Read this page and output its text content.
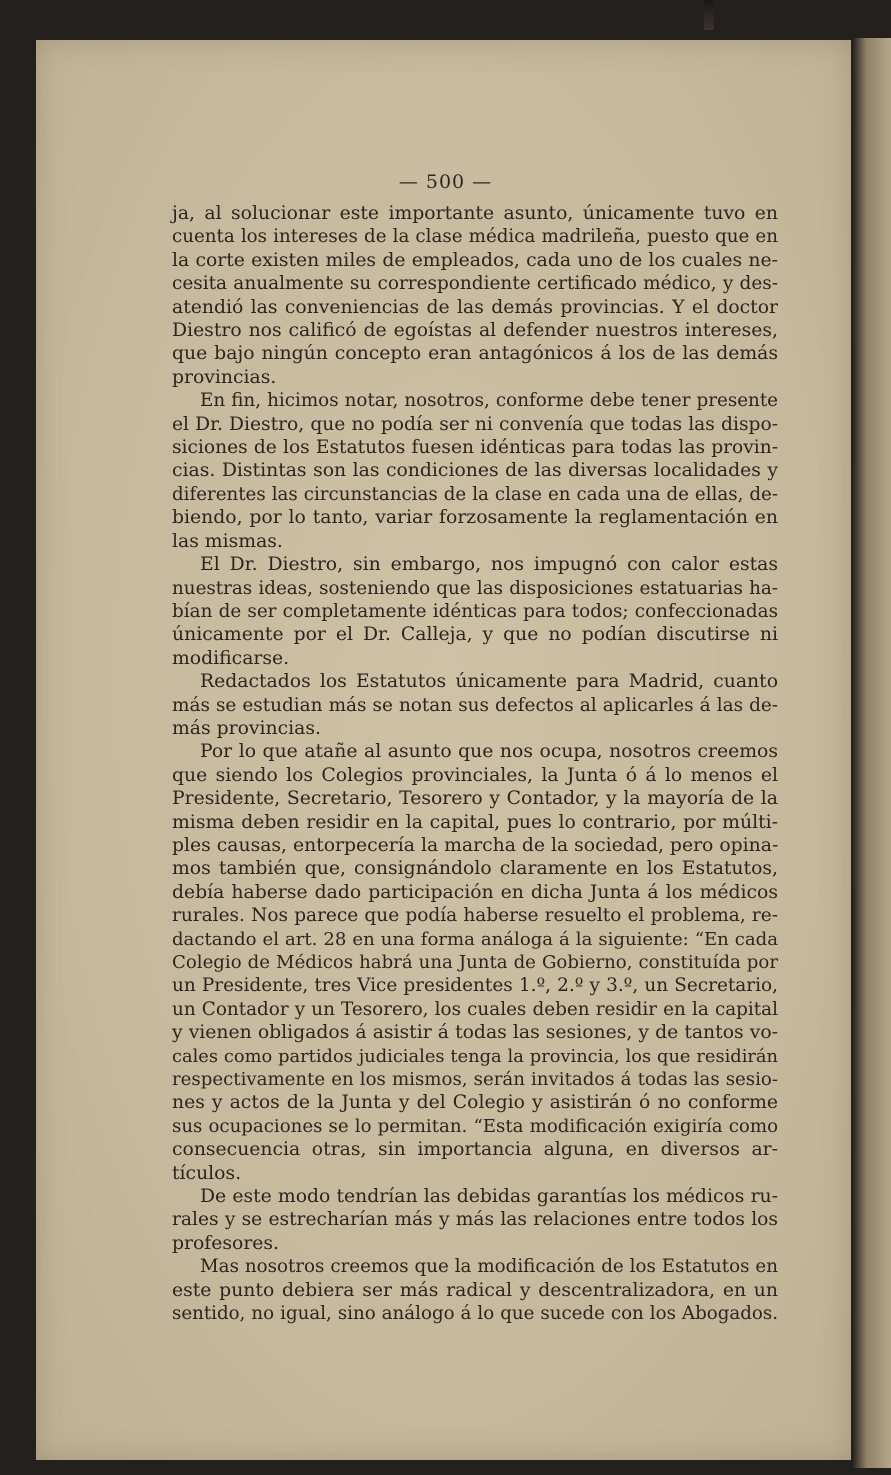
— 500 —
ja, al solucionar este importante asunto, únicamente tuvo en
cuenta los intereses de la clase médica madrileña, puesto que en
la corte existen miles de empleados, cada uno de los cuales ne-
cesita anualmente su correspondiente certificado médico, y des-
atendió las conveniencias de las demás provincias. Y el doctor
Diestro nos calificó de egoístas al defender nuestros intereses,
que bajo ningún concepto eran antagónicos á los de las demás
provincias.
En fin, hicimos notar, nosotros, conforme debe tener presente
el Dr. Diestro, que no podía ser ni convenía que todas las dispo-
siciones de los Estatutos fuesen idénticas para todas las provin-
cias. Distintas son las condiciones de las diversas localidades y
diferentes las circunstancias de la clase en cada una de ellas, de-
biendo, por lo tanto, variar forzosamente la reglamentación en
las mismas.
El Dr. Diestro, sin embargo, nos impugnó con calor estas
nuestras ideas, sosteniendo que las disposiciones estatuarias ha-
bían de ser completamente idénticas para todos; confeccionadas
únicamente por el Dr. Calleja, y que no podían discutirse ni
modificarse.
Redactados los Estatutos únicamente para Madrid, cuanto
más se estudian más se notan sus defectos al aplicarles á las de-
más provincias.
Por lo que atañe al asunto que nos ocupa, nosotros creemos
que siendo los Colegios provinciales, la Junta ó á lo menos el
Presidente, Secretario, Tesorero y Contador, y la mayoría de la
misma deben residir en la capital, pues lo contrario, por múlti-
ples causas, entorpecería la marcha de la sociedad, pero opina-
mos también que, consignándolo claramente en los Estatutos,
debía haberse dado participación en dicha Junta á los médicos
rurales. Nos parece que podía haberse resuelto el problema, re-
dactando el art. 28 en una forma análoga á la siguiente: “En cada
Colegio de Médicos habrá una Junta de Gobierno, constituída por
un Presidente, tres Vice presidentes 1.º, 2.º y 3.º, un Secretario,
un Contador y un Tesorero, los cuales deben residir en la capital
y vienen obligados á asistir á todas las sesiones, y de tantos vo-
cales como partidos judiciales tenga la provincia, los que residirán
respectivamente en los mismos, serán invitados á todas las sesio-
nes y actos de la Junta y del Colegio y asistirán ó no conforme
sus ocupaciones se lo permitan. “Esta modificación exigiría como
consecuencia otras, sin importancia alguna, en diversos ar-
tículos.
De este modo tendrían las debidas garantías los médicos ru-
rales y se estrecharían más y más las relaciones entre todos los
profesores.
Mas nosotros creemos que la modificación de los Estatutos en
este punto debiera ser más radical y descentralizadora, en un
sentido, no igual, sino análogo á lo que sucede con los Abogados.
